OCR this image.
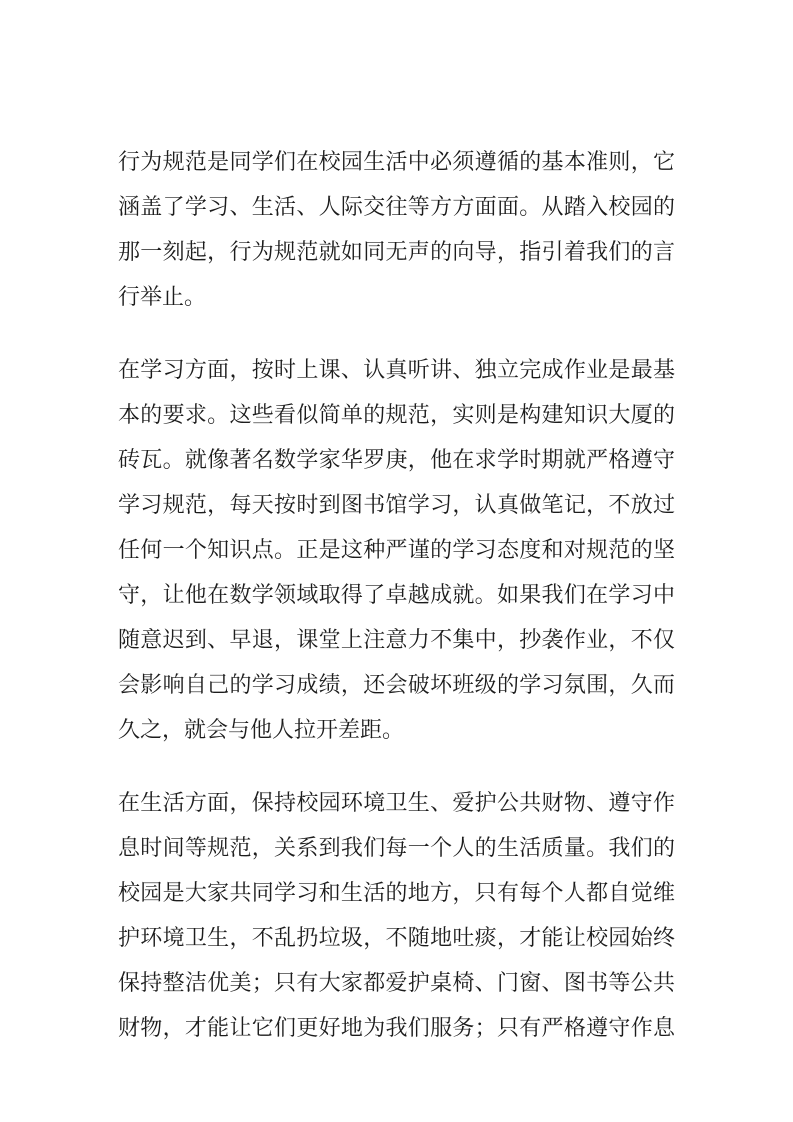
行为规范是同学们在校园生活中必须遵循的基本准则，它
涵盖了学习、生活、人际交往等方方面面。从踏入校园的
那一刻起，行为规范就如同无声的向导，指引着我们的言
行举止。
在学习方面，按时上课、认真听讲、独立完成作业是最基
本的要求。这些看似简单的规范，实则是构建知识大厦的
砖瓦。就像著名数学家华罗庚，他在求学时期就严格遵守
学习规范，每天按时到图书馆学习，认真做笔记，不放过
任何一个知识点。正是这种严谨的学习态度和对规范的坚
守，让他在数学领域取得了卓越成就。如果我们在学习中
随意迟到、早退，课堂上注意力不集中，抄袭作业，不仅
会影响自己的学习成绩，还会破坏班级的学习氛围，久而
久之，就会与他人拉开差距。
在生活方面，保持校园环境卫生、爱护公共财物、遵守作
息时间等规范，关系到我们每一个人的生活质量。我们的
校园是大家共同学习和生活的地方，只有每个人都自觉维
护环境卫生，不乱扔垃圾，不随地吐痰，才能让校园始终
保持整洁优美；只有大家都爱护桌椅、门窗、图书等公共
财物，才能让它们更好地为我们服务；只有严格遵守作息
